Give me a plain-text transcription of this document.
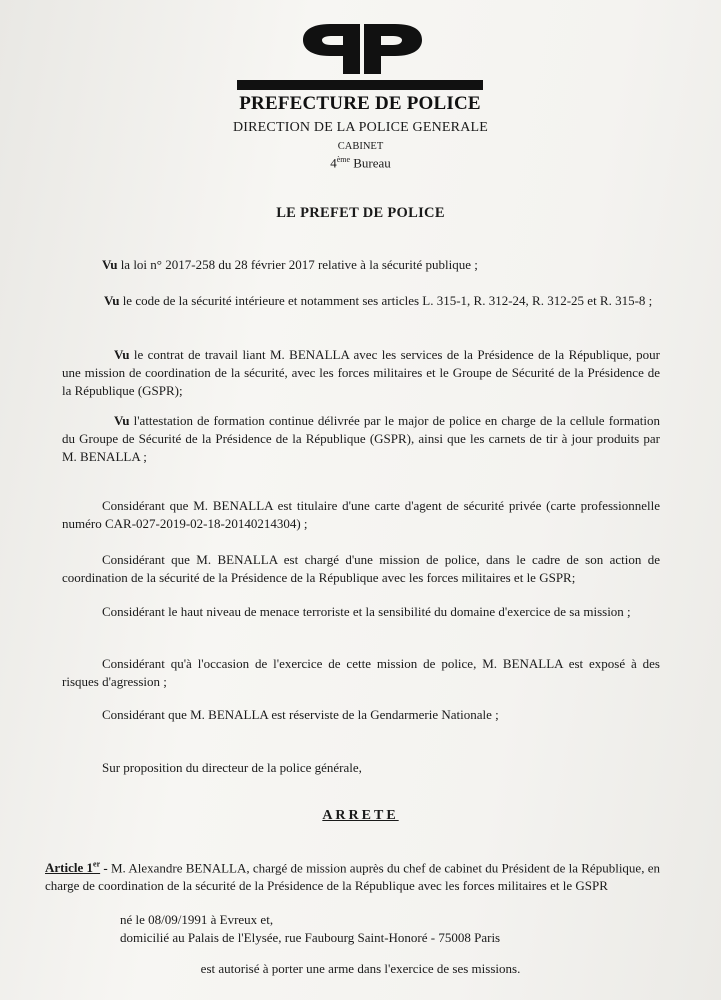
PREFECTURE DE POLICE
DIRECTION DE LA POLICE GENERALE
CABINET
4ème Bureau
LE PREFET DE POLICE
Vu la loi n° 2017-258 du 28 février 2017 relative à la sécurité publique ;
Vu le code de la sécurité intérieure et notamment ses articles L. 315-1, R. 312-24, R. 312-25 et R. 315-8 ;
Vu le contrat de travail liant M. BENALLA avec les services de la Présidence de la République, pour une mission de coordination de la sécurité, avec les forces militaires et le Groupe de Sécurité de la Présidence de la République (GSPR);
Vu l'attestation de formation continue délivrée par le major de police en charge de la cellule formation du Groupe de Sécurité de la Présidence de la République (GSPR), ainsi que les carnets de tir à jour produits par M. BENALLA ;
Considérant que M. BENALLA est titulaire d'une carte d'agent de sécurité privée (carte professionnelle numéro CAR-027-2019-02-18-20140214304) ;
Considérant que M. BENALLA est chargé d'une mission de police, dans le cadre de son action de coordination de la sécurité de la Présidence de la République avec les forces militaires et le GSPR;
Considérant le haut niveau de menace terroriste et la sensibilité du domaine d'exercice de sa mission ;
Considérant qu'à l'occasion de l'exercice de cette mission de police, M. BENALLA est exposé à des risques d'agression ;
Considérant que M. BENALLA est réserviste de la Gendarmerie Nationale ;
Sur proposition du directeur de la police générale,
ARRETE
Article 1er - M. Alexandre BENALLA, chargé de mission auprès du chef de cabinet du Président de la République, en charge de coordination de la sécurité de la Présidence de la République avec les forces militaires et le GSPR
né le 08/09/1991 à Evreux et,
domicilié au Palais de l'Elysée, rue Faubourg Saint-Honoré - 75008 Paris
est autorisé à porter une arme dans l'exercice de ses missions.
